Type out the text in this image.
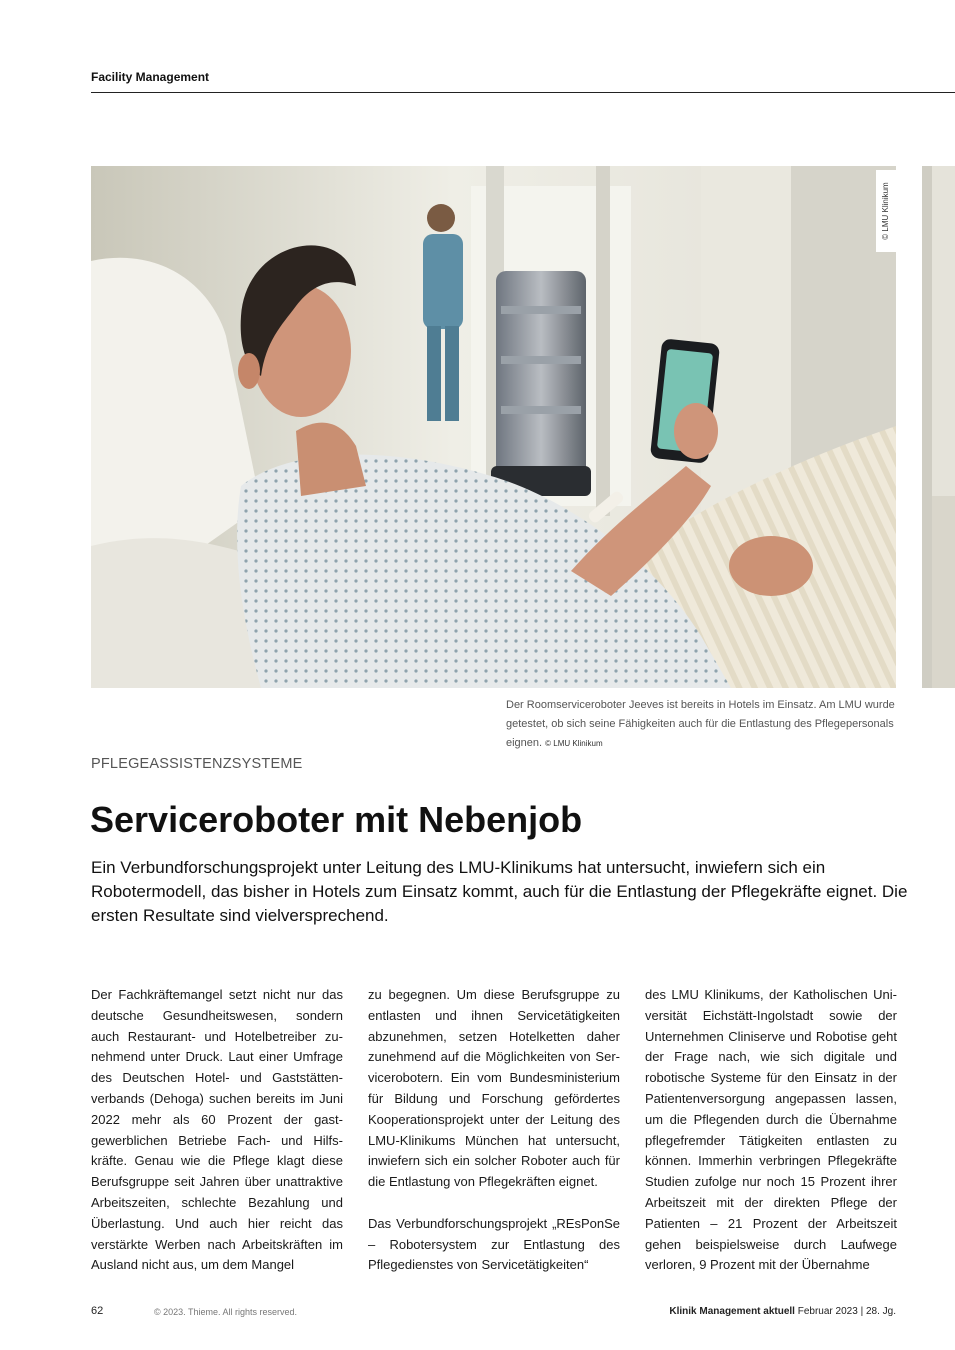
Facility Management
© LMU Klinikum
Der Roomserviceroboter Jeeves ist bereits in Hotels im Einsatz. Am LMU wurde getestet, ob sich seine Fähigkeiten auch für die Entlastung des Pflegepersonals eignen. © LMU Klinikum
PFLEGEASSISTENZSYSTEME
Serviceroboter mit Nebenjob

Ein Verbundforschungsprojekt unter Leitung des LMU-Klinikums hat untersucht, inwiefern sich ein Robotermodell, das bisher in Hotels zum Einsatz kommt, auch für die Entlastung der Pflegekräfte eignet. Die ersten Resultate sind vielversprechend.

Der Fachkräftemangel setzt nicht nur das deutsche Gesundheitswesen, sondern auch Restaurant- und Hotelbetreiber zunehmend unter Druck. Laut einer Umfrage des Deutschen Hotel- und Gaststättenverbands (Dehoga) suchen bereits im Juni 2022 mehr als 60 Prozent der gastgewerblichen Betriebe Fach- und Hilfskräfte. Genau wie die Pflege klagt diese Berufsgruppe seit Jahren über unattraktive Arbeitszeiten, schlechte Bezahlung und Überlastung. Und auch hier reicht das verstärkte Werben nach Arbeitskräften im Ausland nicht aus, um dem Mangel

zu begegnen. Um diese Berufsgruppe zu entlasten und ihnen Servicetätigkeiten abzunehmen, setzen Hotelketten daher zunehmend auf die Möglichkeiten von Servicerobotern. Ein vom Bundesministerium für Bildung und Forschung gefördertes Kooperationsprojekt unter der Leitung des LMU-Klinikums München hat untersucht, inwiefern sich ein solcher Roboter auch für die Entlastung von Pflegekräften eignet.

Das Verbundforschungsprojekt „REsPonSe – Robotersystem zur Entlastung des Pflegedienstes von Servicetätigkeiten“

des LMU Klinikums, der Katholischen Universität Eichstätt-Ingolstadt sowie der Unternehmen Cliniserve und Robotise geht der Frage nach, wie sich digitale und robotische Systeme für den Einsatz in der Patientenversorgung angepassen lassen, um die Pflegenden durch die Übernahme pflegefremder Tätigkeiten entlasten zu können. Immerhin verbringen Pflegekräfte Studien zufolge nur noch 15 Prozent ihrer Arbeitszeit mit der direkten Pflege der Patienten – 21 Prozent der Arbeitszeit gehen beispielsweise durch Laufwege verloren, 9 Prozent mit der Übernahme

62	© 2023. Thieme. All rights reserved.	Klinik Management aktuell Februar 2023 | 28. Jg.
